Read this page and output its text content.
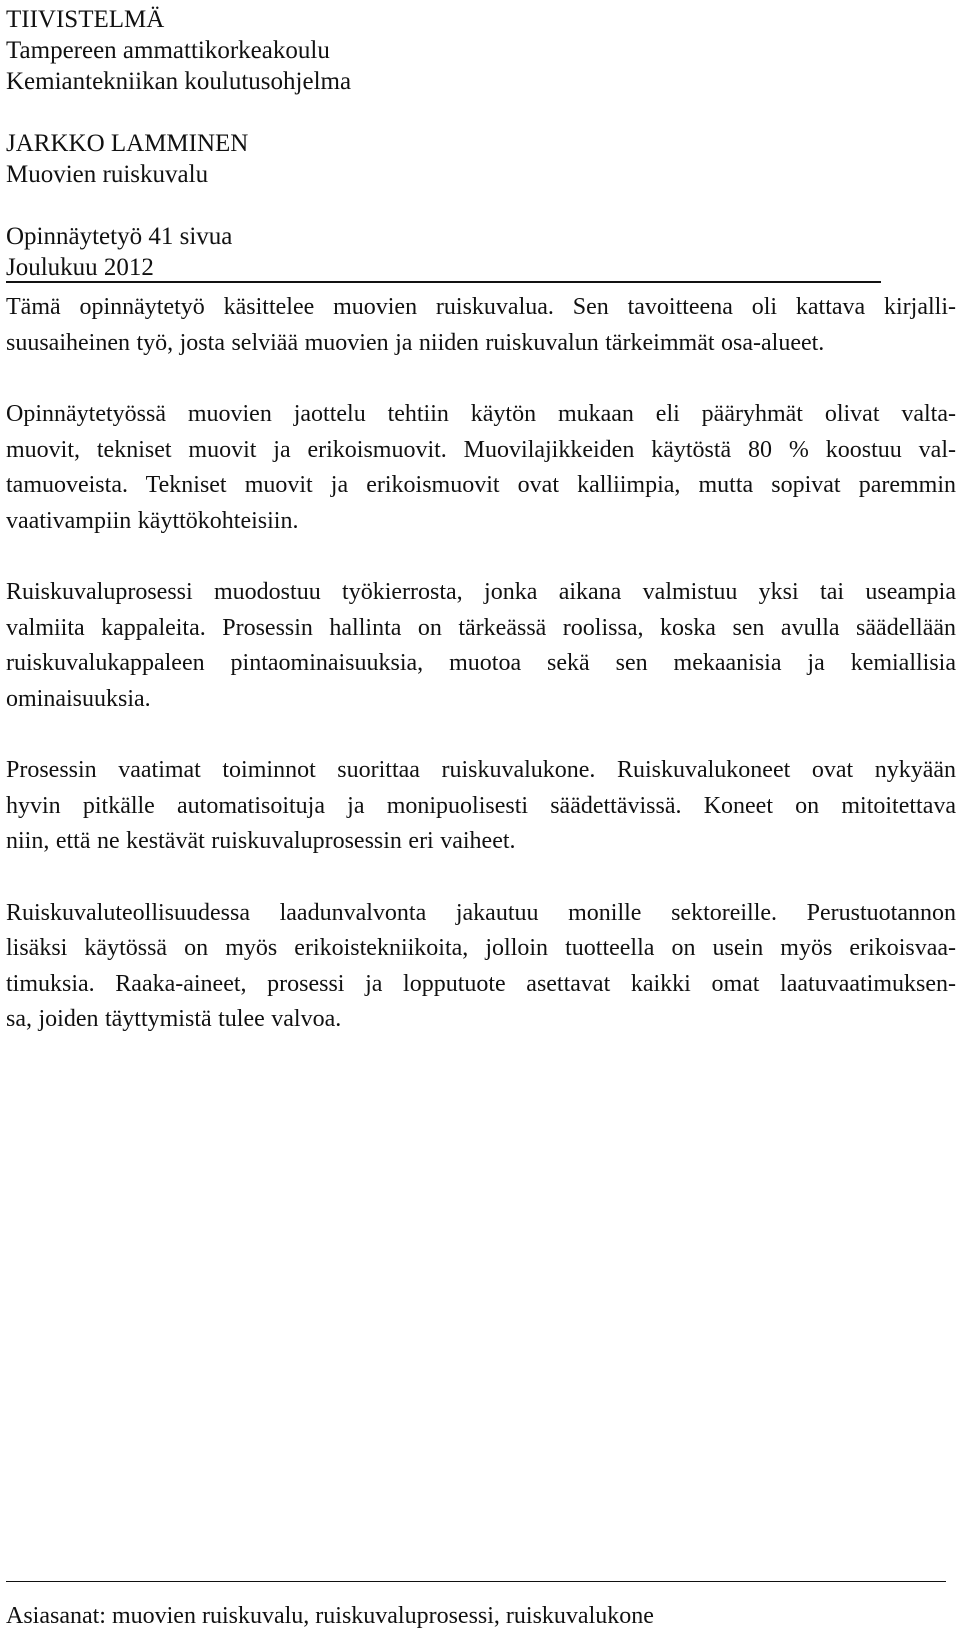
TIIVISTELMÄ
Tampereen ammattikorkeakoulu
Kemiantekniikan koulutusohjelma
JARKKO LAMMINEN
Muovien ruiskuvalu
Opinnäytetyö 41 sivua
Joulukuu 2012

Tämä opinnäytetyö käsittelee muovien ruiskuvalua. Sen tavoitteena oli kattava kirjalli-
suusaiheinen työ, josta selviää muovien ja niiden ruiskuvalun tärkeimmät osa-alueet.

Opinnäytetyössä muovien jaottelu tehtiin käytön mukaan eli pääryhmät olivat valta-
muovit, tekniset muovit ja erikoismuovit. Muovilajikkeiden käytöstä 80 % koostuu val-
tamuoveista. Tekniset muovit ja erikoismuovit ovat kalliimpia, mutta sopivat paremmin
vaativampiin käyttökohteisiin.

Ruiskuvaluprosessi muodostuu työkierrosta, jonka aikana valmistuu yksi tai useampia
valmiita kappaleita. Prosessin hallinta on tärkeässä roolissa, koska sen avulla säädellään
ruiskuvalukappaleen pintaominaisuuksia, muotoa sekä sen mekaanisia ja kemiallisia
ominaisuuksia.

Prosessin vaatimat toiminnot suorittaa ruiskuvalukone. Ruiskuvalukoneet ovat nykyään
hyvin pitkälle automatisoituja ja monipuolisesti säädettävissä. Koneet on mitoitettava
niin, että ne kestävät ruiskuvaluprosessin eri vaiheet.

Ruiskuvaluteollisuudessa laadunvalvonta jakautuu monille sektoreille. Perustuotannon
lisäksi käytössä on myös erikoistekniikoita, jolloin tuotteella on usein myös erikoisvaa-
timuksia. Raaka-aineet, prosessi ja lopputuote asettavat kaikki omat laatuvaatimuksen-
sa, joiden täyttymistä tulee valvoa.

Asiasanat: muovien ruiskuvalu, ruiskuvaluprosessi, ruiskuvalukone
